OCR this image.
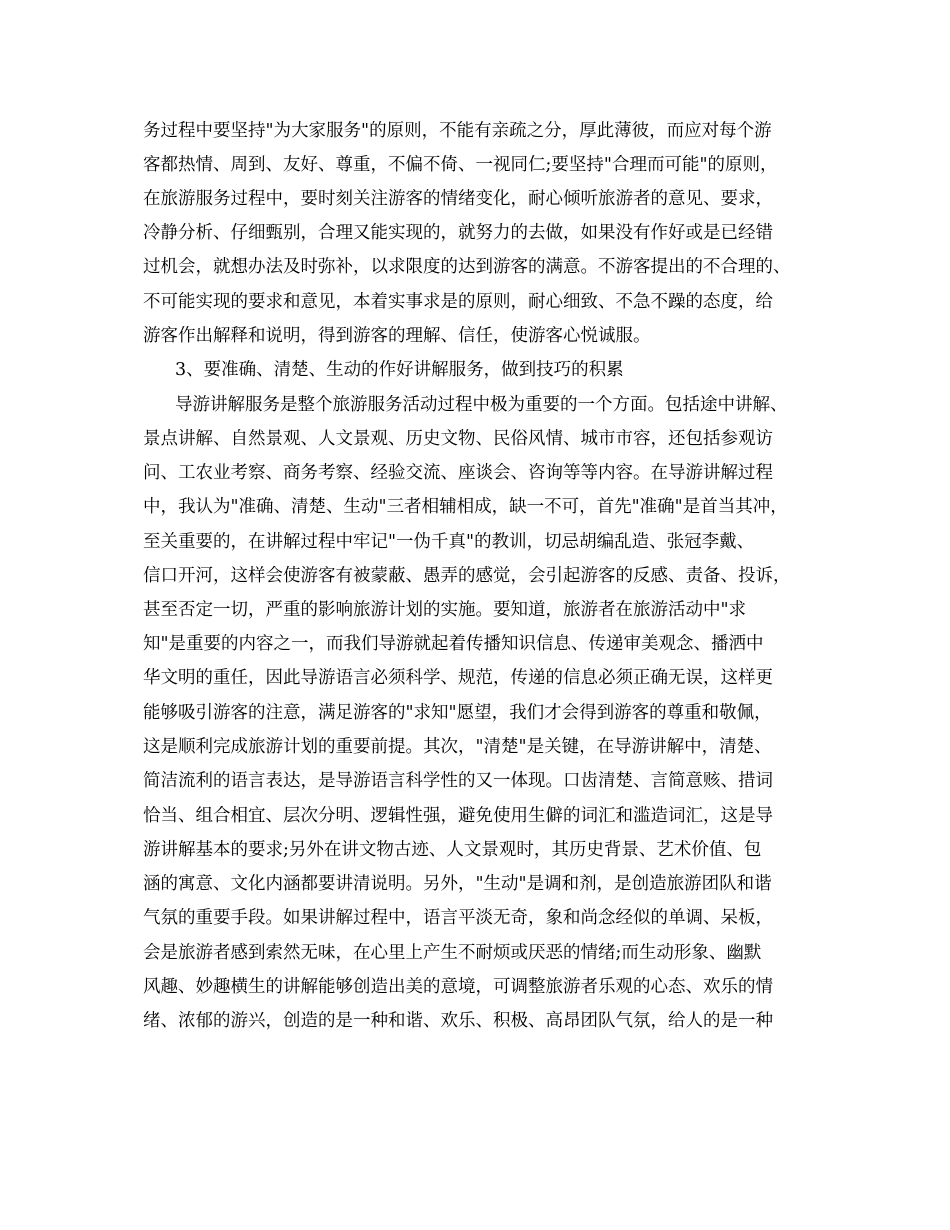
务过程中要坚持"为大家服务"的原则，不能有亲疏之分，厚此薄彼，而应对每个游

客都热情、周到、友好、尊重，不偏不倚、一视同仁;要坚持"合理而可能"的原则，

在旅游服务过程中，要时刻关注游客的情绪变化，耐心倾听旅游者的意见、要求，

冷静分析、仔细甄别，合理又能实现的，就努力的去做，如果没有作好或是已经错

过机会，就想办法及时弥补，以求限度的达到游客的满意。不游客提出的不合理的、

不可能实现的要求和意见，本着实事求是的原则，耐心细致、不急不躁的态度，给

游客作出解释和说明，得到游客的理解、信任，使游客心悦诚服。

3、要准确、清楚、生动的作好讲解服务，做到技巧的积累

导游讲解服务是整个旅游服务活动过程中极为重要的一个方面。包括途中讲解、

景点讲解、自然景观、人文景观、历史文物、民俗风情、城市市容，还包括参观访

问、工农业考察、商务考察、经验交流、座谈会、咨询等等内容。在导游讲解过程

中，我认为"准确、清楚、生动"三者相辅相成，缺一不可，首先"准确"是首当其冲，

至关重要的，在讲解过程中牢记"一伪千真"的教训，切忌胡编乱造、张冠李戴、

信口开河，这样会使游客有被蒙蔽、愚弄的感觉，会引起游客的反感、责备、投诉，

甚至否定一切，严重的影响旅游计划的实施。要知道，旅游者在旅游活动中"求

知"是重要的内容之一，而我们导游就起着传播知识信息、传递审美观念、播洒中

华文明的重任，因此导游语言必须科学、规范，传递的信息必须正确无误，这样更

能够吸引游客的注意，满足游客的"求知"愿望，我们才会得到游客的尊重和敬佩，

这是顺利完成旅游计划的重要前提。其次，"清楚"是关键，在导游讲解中，清楚、

简洁流利的语言表达，是导游语言科学性的又一体现。口齿清楚、言简意赅、措词

恰当、组合相宜、层次分明、逻辑性强，避免使用生僻的词汇和滥造词汇，这是导

游讲解基本的要求;另外在讲文物古迹、人文景观时，其历史背景、艺术价值、包

涵的寓意、文化内涵都要讲清说明。另外，"生动"是调和剂，是创造旅游团队和谐

气氛的重要手段。如果讲解过程中，语言平淡无奇，象和尚念经似的单调、呆板，

会是旅游者感到索然无味，在心里上产生不耐烦或厌恶的情绪;而生动形象、幽默

风趣、妙趣横生的讲解能够创造出美的意境，可调整旅游者乐观的心态、欢乐的情

绪、浓郁的游兴，创造的是一种和谐、欢乐、积极、高昂团队气氛，给人的是一种
